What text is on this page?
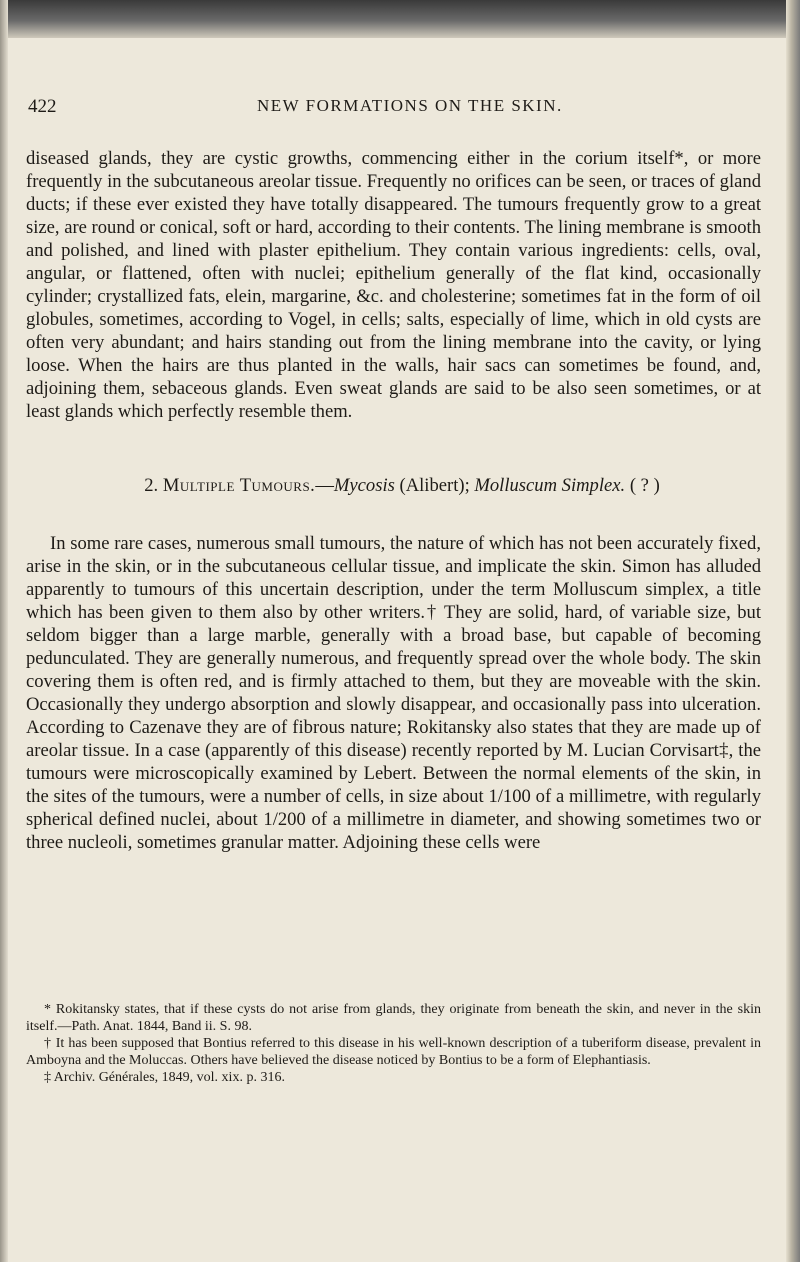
422	NEW FORMATIONS ON THE SKIN.

diseased glands, they are cystic growths, commencing either in the corium itself*, or more frequently in the subcutaneous areolar tissue. Frequently no orifices can be seen, or traces of gland ducts; if these ever existed they have totally disappeared. The tumours frequently grow to a great size, are round or conical, soft or hard, according to their contents. The lining membrane is smooth and polished, and lined with plaster epithelium. They contain various ingredients: cells, oval, angular, or flattened, often with nuclei; epithelium generally of the flat kind, occasionally cylinder; crystallized fats, elein, margarine, &c. and cholesterine; sometimes fat in the form of oil globules, sometimes, according to Vogel, in cells; salts, especially of lime, which in old cysts are often very abundant; and hairs standing out from the lining membrane into the cavity, or lying loose. When the hairs are thus planted in the walls, hair sacs can sometimes be found, and, adjoining them, sebaceous glands. Even sweat glands are said to be also seen sometimes, or at least glands which perfectly resemble them.

2. Multiple Tumours.—Mycosis (Alibert); Molluscum Simplex. ( ? )

In some rare cases, numerous small tumours, the nature of which has not been accurately fixed, arise in the skin, or in the subcutaneous cellular tissue, and implicate the skin. Simon has alluded apparently to tumours of this uncertain description, under the term Molluscum simplex, a title which has been given to them also by other writers.† They are solid, hard, of variable size, but seldom bigger than a large marble, generally with a broad base, but capable of becoming pedunculated. They are generally numerous, and frequently spread over the whole body. The skin covering them is often red, and is firmly attached to them, but they are moveable with the skin. Occasionally they undergo absorption and slowly disappear, and occasionally pass into ulceration. According to Cazenave they are of fibrous nature; Rokitansky also states that they are made up of areolar tissue. In a case (apparently of this disease) recently reported by M. Lucian Corvisart‡, the tumours were microscopically examined by Lebert. Between the normal elements of the skin, in the sites of the tumours, were a number of cells, in size about 1/100 of a millimetre, with regularly spherical defined nuclei, about 1/200 of a millimetre in diameter, and showing sometimes two or three nucleoli, sometimes granular matter. Adjoining these cells were

* Rokitansky states, that if these cysts do not arise from glands, they originate from beneath the skin, and never in the skin itself.—Path. Anat. 1844, Band ii. S. 98.

† It has been supposed that Bontius referred to this disease in his well-known description of a tuberiform disease, prevalent in Amboyna and the Moluccas. Others have believed the disease noticed by Bontius to be a form of Elephantiasis.

‡ Archiv. Générales, 1849, vol. xix. p. 316.
